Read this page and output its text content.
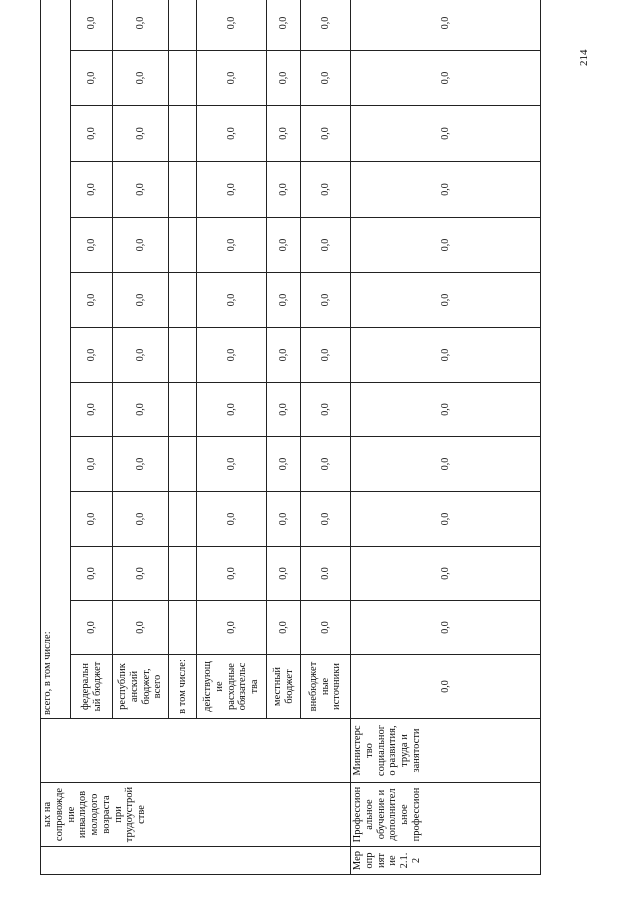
214
	ых на сопровожде ние инвалидов молодого возраста при трудоустрой стве		всего, в том числе:													
			федеральн ый бюджет	0,0	0,0	0,0	0,0	0,0	0,0	0,0	0,0	0,0	0,0	0,0	0,0	
			республик анский бюджет, всего	0,0	0,0	0,0	0,0	0,0	0,0	0,0	0,0	0,0	0,0	0,0	0,0	
			в том числе:													
			действующ ие расходные обязательс тва	0,0	0,0	0,0	0,0	0,0	0,0	0,0	0,0	0,0	0,0	0,0	0,0	
			местный бюджет	0,0	0,0	0,0	0,0	0,0	0,0	0,0	0,0	0,0	0,0	0,0	0,0	
			внебюджет ные источники	0,0	0.0	0,0	0,0	0,0	0,0	0,0	0,0	0,0	0,0	0,0	0,0	
Мер опр ият ие 2.1. 2	Профессион альное обучение и дополнител ьное профессион	Министерс тво социальног о развития, труда и занятости	0,0	0,0	0,0	0,0	0,0	0,0	0,0	0,0	0,0	0,0	0,0	0,0	0,0	
